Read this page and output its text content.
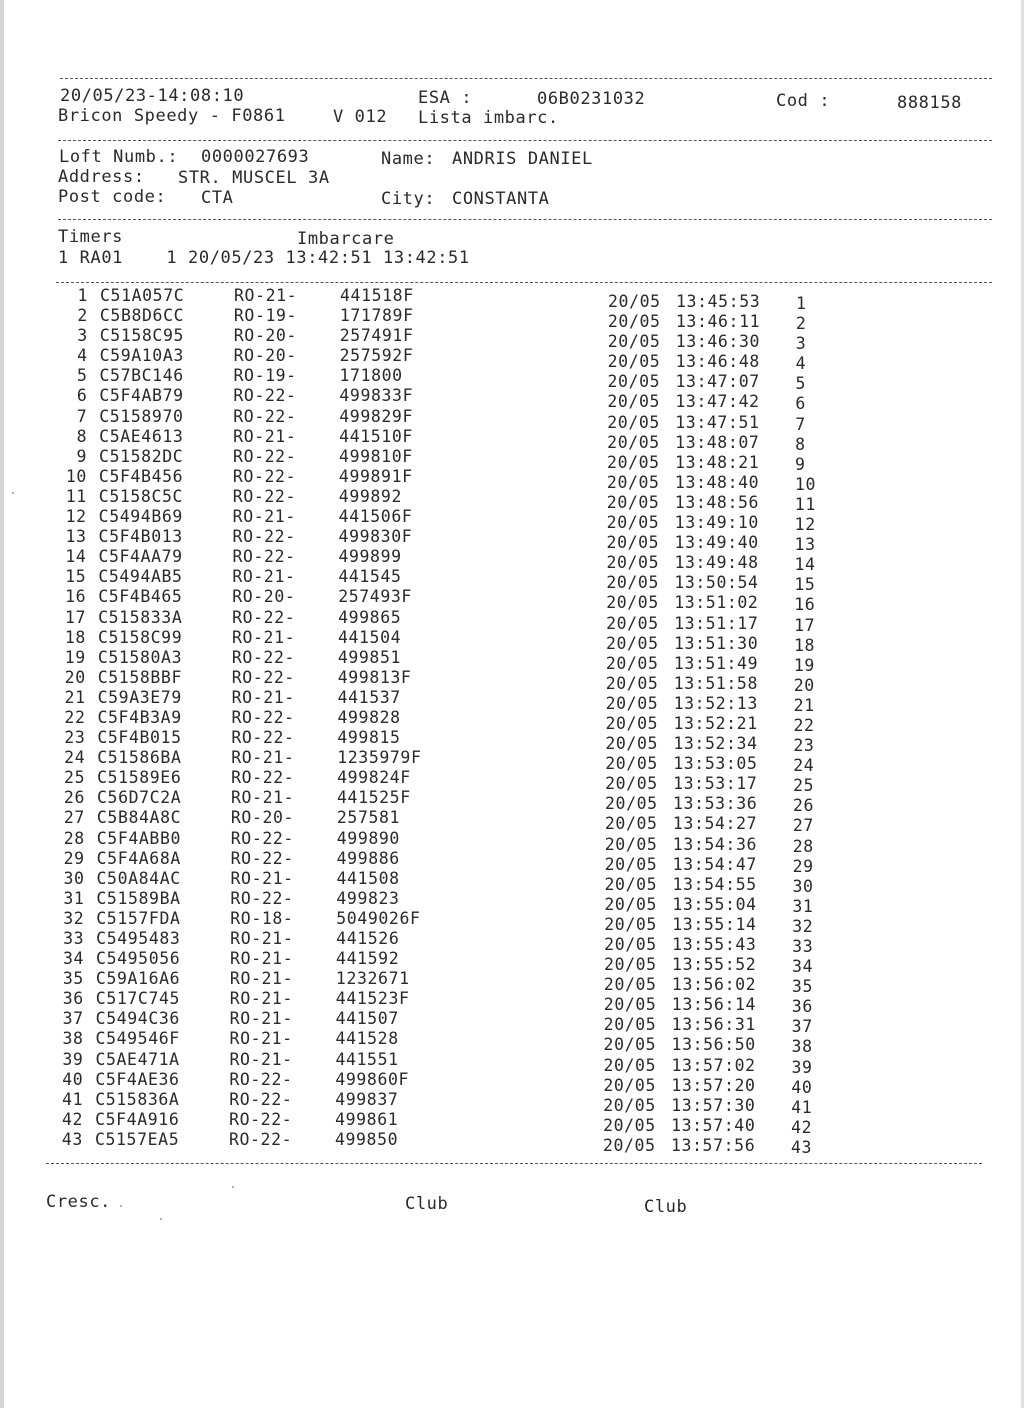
20/05/23-14:08:10	ESA :	06B0231032	Cod :	888158
Bricon Speedy - F0861	V 012 Lista imbarc.
Loft Numb.: 0000027693	Name: ANDRIS DANIEL
Address: STR. MUSCEL 3A
Post code: CTA	City: CONSTANTA
Timers	Imbarcare
1 RA01    1 20/05/23 13:42:51 13:42:51
1 C51A057C	RO-21-	441518F	20/05 13:45:53 1
2 C5B8D6CC	RO-19-	171789F	20/05 13:46:11 2
3 C5158C95	RO-20-	257491F	20/05 13:46:30 3
4 C59A10A3	RO-20-	257592F	20/05 13:46:48 4
5 C57BC146	RO-19-	171800	20/05 13:47:07 5
6 C5F4AB79	RO-22-	499833F	20/05 13:47:42 6
7 C5158970	RO-22-	499829F	20/05 13:47:51 7
8 C5AE4613	RO-21-	441510F	20/05 13:48:07 8
9 C51582DC	RO-22-	499810F	20/05 13:48:21 9
10 C5F4B456	RO-22-	499891F	20/05 13:48:40 10
11 C5158C5C	RO-22-	499892	20/05 13:48:56 11
12 C5494B69	RO-21-	441506F	20/05 13:49:10 12
13 C5F4B013	RO-22-	499830F	20/05 13:49:40 13
14 C5F4AA79	RO-22-	499899	20/05 13:49:48 14
15 C5494AB5	RO-21-	441545	20/05 13:50:54 15
16 C5F4B465	RO-20-	257493F	20/05 13:51:02 16
17 C515833A	RO-22-	499865	20/05 13:51:17 17
18 C5158C99	RO-21-	441504	20/05 13:51:30 18
19 C51580A3	RO-22-	499851	20/05 13:51:49 19
20 C5158BBF	RO-22-	499813F	20/05 13:51:58 20
21 C59A3E79	RO-21-	441537	20/05 13:52:13 21
22 C5F4B3A9	RO-22-	499828	20/05 13:52:21 22
23 C5F4B015	RO-22-	499815	20/05 13:52:34 23
24 C51586BA	RO-21-	1235979F	20/05 13:53:05 24
25 C51589E6	RO-22-	499824F	20/05 13:53:17 25
26 C56D7C2A	RO-21-	441525F	20/05 13:53:36 26
27 C5B84A8C	RO-20-	257581	20/05 13:54:27 27
28 C5F4ABB0	RO-22-	499890	20/05 13:54:36 28
29 C5F4A68A	RO-22-	499886	20/05 13:54:47 29
30 C50A84AC	RO-21-	441508	20/05 13:54:55 30
31 C51589BA	RO-22-	499823	20/05 13:55:04 31
32 C5157FDA	RO-18-	5049026F	20/05 13:55:14 32
33 C5495483	RO-21-	441526	20/05 13:55:43 33
34 C5495056	RO-21-	441592	20/05 13:55:52 34
35 C59A16A6	RO-21-	1232671	20/05 13:56:02 35
36 C517C745	RO-21-	441523F	20/05 13:56:14 36
37 C5494C36	RO-21-	441507	20/05 13:56:31 37
38 C549546F	RO-21-	441528	20/05 13:56:50 38
39 C5AE471A	RO-21-	441551	20/05 13:57:02 39
40 C5F4AE36	RO-22-	499860F	20/05 13:57:20 40
41 C515836A	RO-22-	499837	20/05 13:57:30 41
42 C5F4A916	RO-22-	499861	20/05 13:57:40 42
43 C5157EA5	RO-22-	499850	20/05 13:57:56 43
Cresc.	Club	Club
